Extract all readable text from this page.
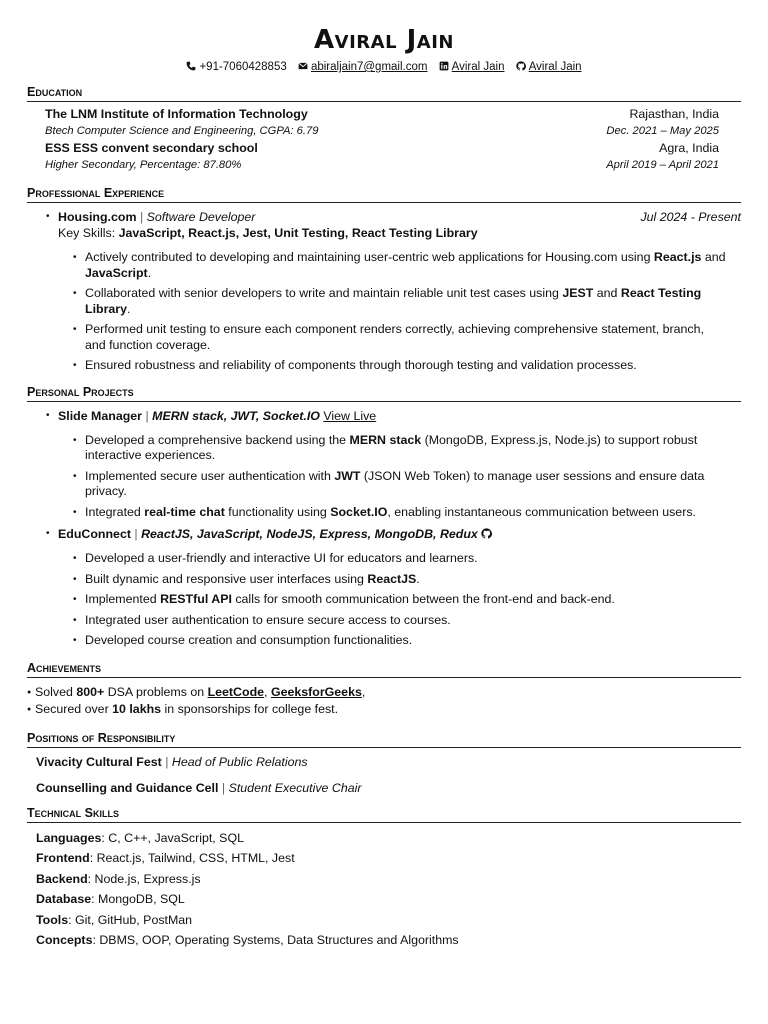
Aviral Jain
+91-7060428853 abiraljain7@gmail.com Aviral Jain Aviral Jain
Education
The LNM Institute of Information Technology	Rajasthan, India
Btech Computer Science and Engineering, CGPA: 6.79	Dec. 2021 – May 2025
ESS ESS convent secondary school	Agra, India
Higher Secondary, Percentage: 87.80%	April 2019 – April 2021
Professional Experience
• Housing.com | Software Developer	Jul 2024 - Present
Key Skills: JavaScript, React.js, Jest, Unit Testing, React Testing Library
• Actively contributed to developing and maintaining user-centric web applications for Housing.com using React.js and JavaScript.
• Collaborated with senior developers to write and maintain reliable unit test cases using JEST and React Testing Library.
• Performed unit testing to ensure each component renders correctly, achieving comprehensive statement, branch, and function coverage.
• Ensured robustness and reliability of components through thorough testing and validation processes.
Personal Projects
• Slide Manager | MERN stack, JWT, Socket.IO View Live
• Developed a comprehensive backend using the MERN stack (MongoDB, Express.js, Node.js) to support robust interactive experiences.
• Implemented secure user authentication with JWT (JSON Web Token) to manage user sessions and ensure data privacy.
• Integrated real-time chat functionality using Socket.IO, enabling instantaneous communication between users.
• EduConnect | ReactJS, JavaScript, NodeJS, Express, MongoDB, Redux
• Developed a user-friendly and interactive UI for educators and learners.
• Built dynamic and responsive user interfaces using ReactJS.
• Implemented RESTful API calls for smooth communication between the front-end and back-end.
• Integrated user authentication to ensure secure access to courses.
• Developed course creation and consumption functionalities.
Achievements
● Solved 800+ DSA problems on LeetCode, GeeksforGeeks,
● Secured over 10 lakhs in sponsorships for college fest.
Positions of Responsibility
Vivacity Cultural Fest | Head of Public Relations
Counselling and Guidance Cell | Student Executive Chair
Technical Skills
Languages: C, C++, JavaScript, SQL
Frontend: React.js, Tailwind, CSS, HTML, Jest
Backend: Node.js, Express.js
Database: MongoDB, SQL
Tools: Git, GitHub, PostMan
Concepts: DBMS, OOP, Operating Systems, Data Structures and Algorithms
